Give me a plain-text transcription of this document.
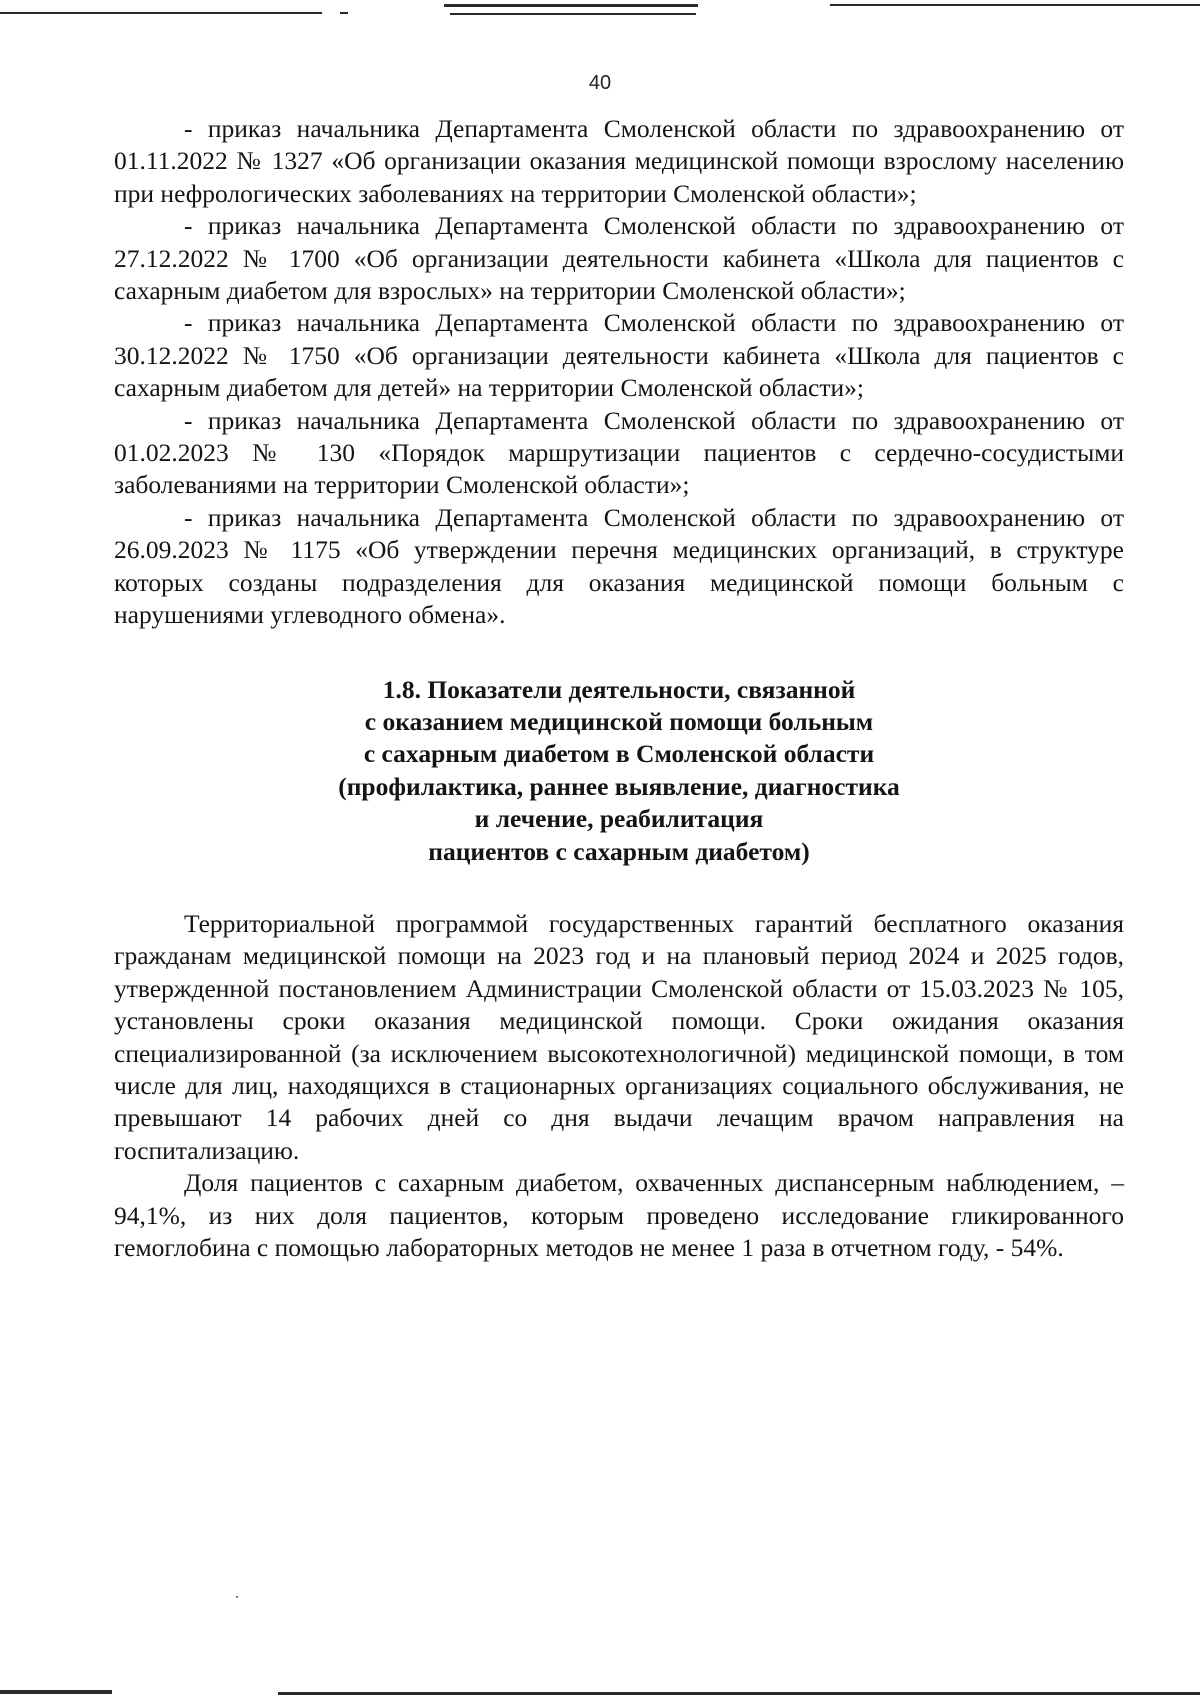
40

- приказ начальника Департамента Смоленской области по здравоохранению от 01.11.2022 № 1327 «Об организации оказания медицинской помощи взрослому населению при нефрологических заболеваниях на территории Смоленской области»;

- приказ начальника Департамента Смоленской области по здравоохранению от 27.12.2022 № 1700 «Об организации деятельности кабинета «Школа для пациентов с сахарным диабетом для взрослых» на территории Смоленской области»;

- приказ начальника Департамента Смоленской области по здравоохранению от 30.12.2022 № 1750 «Об организации деятельности кабинета «Школа для пациентов с сахарным диабетом для детей» на территории Смоленской области»;

- приказ начальника Департамента Смоленской области по здравоохранению от 01.02.2023 № 130 «Порядок маршрутизации пациентов с сердечно-сосудистыми заболеваниями на территории Смоленской области»;

- приказ начальника Департамента Смоленской области по здравоохранению от 26.09.2023 № 1175 «Об утверждении перечня медицинских организаций, в структуре которых созданы подразделения для оказания медицинской помощи больным с нарушениями углеводного обмена».

1.8. Показатели деятельности, связанной
с оказанием медицинской помощи больным
с сахарным диабетом в Смоленской области
(профилактика, раннее выявление, диагностика
и лечение, реабилитация
пациентов с сахарным диабетом)

Территориальной программой государственных гарантий бесплатного оказания гражданам медицинской помощи на 2023 год и на плановый период 2024 и 2025 годов, утвержденной постановлением Администрации Смоленской области от 15.03.2023 № 105, установлены сроки оказания медицинской помощи. Сроки ожидания оказания специализированной (за исключением высокотехнологичной) медицинской помощи, в том числе для лиц, находящихся в стационарных организациях социального обслуживания, не превышают 14 рабочих дней со дня выдачи лечащим врачом направления на госпитализацию.

Доля пациентов с сахарным диабетом, охваченных диспансерным наблюдением, – 94,1%, из них доля пациентов, которым проведено исследование гликированного гемоглобина с помощью лабораторных методов не менее 1 раза в отчетном году, - 54%.
